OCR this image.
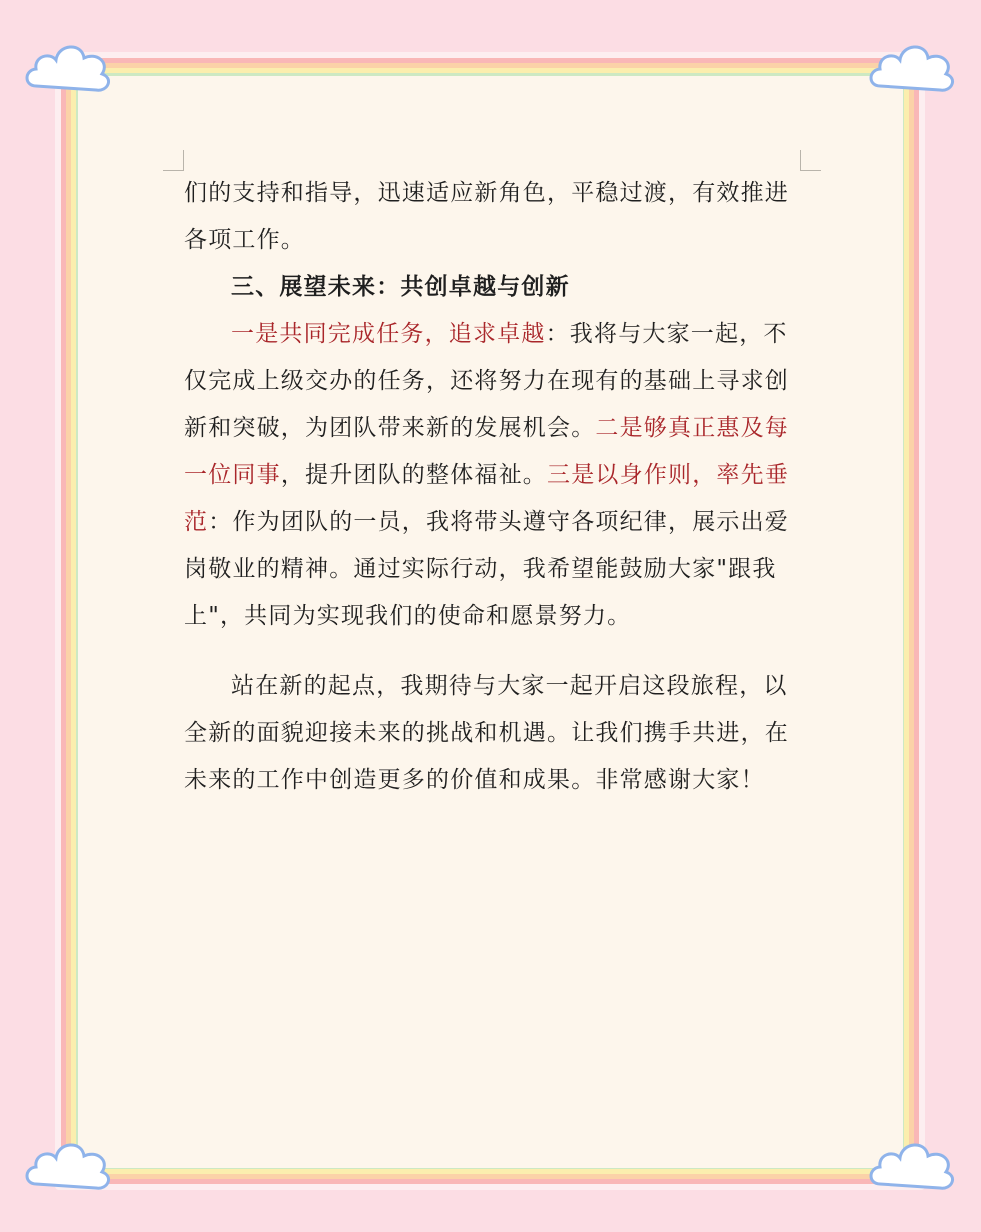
们的支持和指导，迅速适应新角色，平稳过渡，有效推进各项工作。

三、展望未来：共创卓越与创新

一是共同完成任务，追求卓越：我将与大家一起，不仅完成上级交办的任务，还将努力在现有的基础上寻求创新和突破，为团队带来新的发展机会。二是够真正惠及每一位同事，提升团队的整体福祉。三是以身作则，率先垂范：作为团队的一员，我将带头遵守各项纪律，展示出爱岗敬业的精神。通过实际行动，我希望能鼓励大家"跟我上"，共同为实现我们的使命和愿景努力。

站在新的起点，我期待与大家一起开启这段旅程，以全新的面貌迎接未来的挑战和机遇。让我们携手共进，在未来的工作中创造更多的价值和成果。非常感谢大家！
